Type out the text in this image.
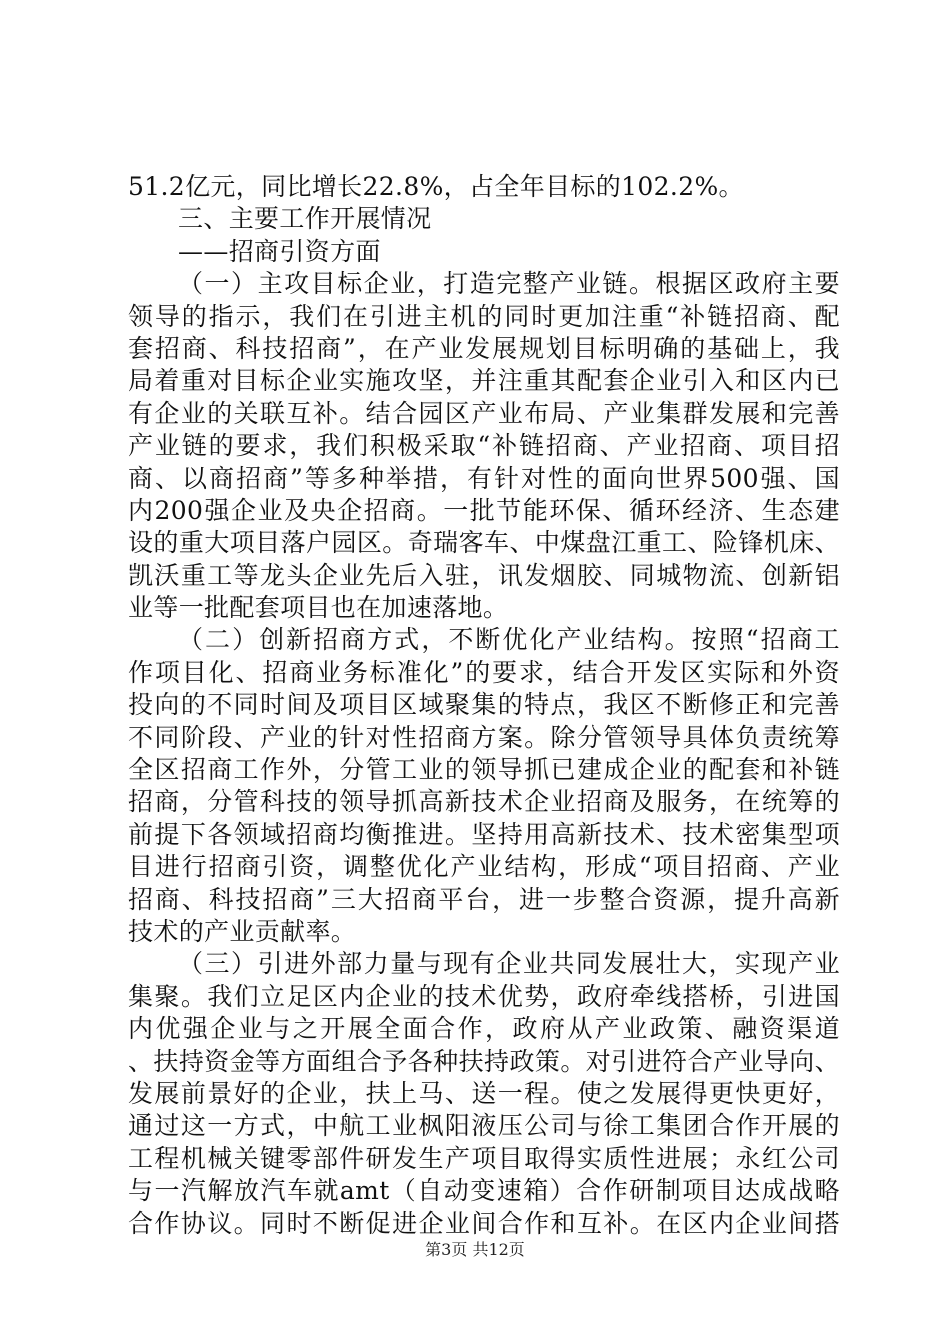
51.2亿元，同比增长22.8%，占全年目标的102.2%。
三、主要工作开展情况
——招商引资方面
（一）主攻目标企业，打造完整产业链。根据区政府主要
领导的指示，我们在引进主机的同时更加注重“补链招商、配
套招商、科技招商”，在产业发展规划目标明确的基础上，我
局着重对目标企业实施攻坚，并注重其配套企业引入和区内已
有企业的关联互补。结合园区产业布局、产业集群发展和完善
产业链的要求，我们积极采取“补链招商、产业招商、项目招
商、以商招商”等多种举措，有针对性的面向世界500强、国
内200强企业及央企招商。一批节能环保、循环经济、生态建
设的重大项目落户园区。奇瑞客车、中煤盘江重工、险锋机床、
凯沃重工等龙头企业先后入驻，讯发烟胶、同城物流、创新铝
业等一批配套项目也在加速落地。
（二）创新招商方式，不断优化产业结构。按照“招商工
作项目化、招商业务标准化”的要求，结合开发区实际和外资
投向的不同时间及项目区域聚集的特点，我区不断修正和完善
不同阶段、产业的针对性招商方案。除分管领导具体负责统筹
全区招商工作外，分管工业的领导抓已建成企业的配套和补链
招商，分管科技的领导抓高新技术企业招商及服务，在统筹的
前提下各领域招商均衡推进。坚持用高新技术、技术密集型项
目进行招商引资，调整优化产业结构，形成“项目招商、产业
招商、科技招商”三大招商平台，进一步整合资源，提升高新
技术的产业贡献率。
（三）引进外部力量与现有企业共同发展壮大，实现产业
集聚。我们立足区内企业的技术优势，政府牵线搭桥，引进国
内优强企业与之开展全面合作，政府从产业政策、融资渠道
、扶持资金等方面组合予各种扶持政策。对引进符合产业导向、
发展前景好的企业，扶上马、送一程。使之发展得更快更好，
通过这一方式，中航工业枫阳液压公司与徐工集团合作开展的
工程机械关键零部件研发生产项目取得实质性进展；永红公司
与一汽解放汽车就amt（自动变速箱）合作研制项目达成战略
合作协议。同时不断促进企业间合作和互补。在区内企业间搭
第3页 共12页
